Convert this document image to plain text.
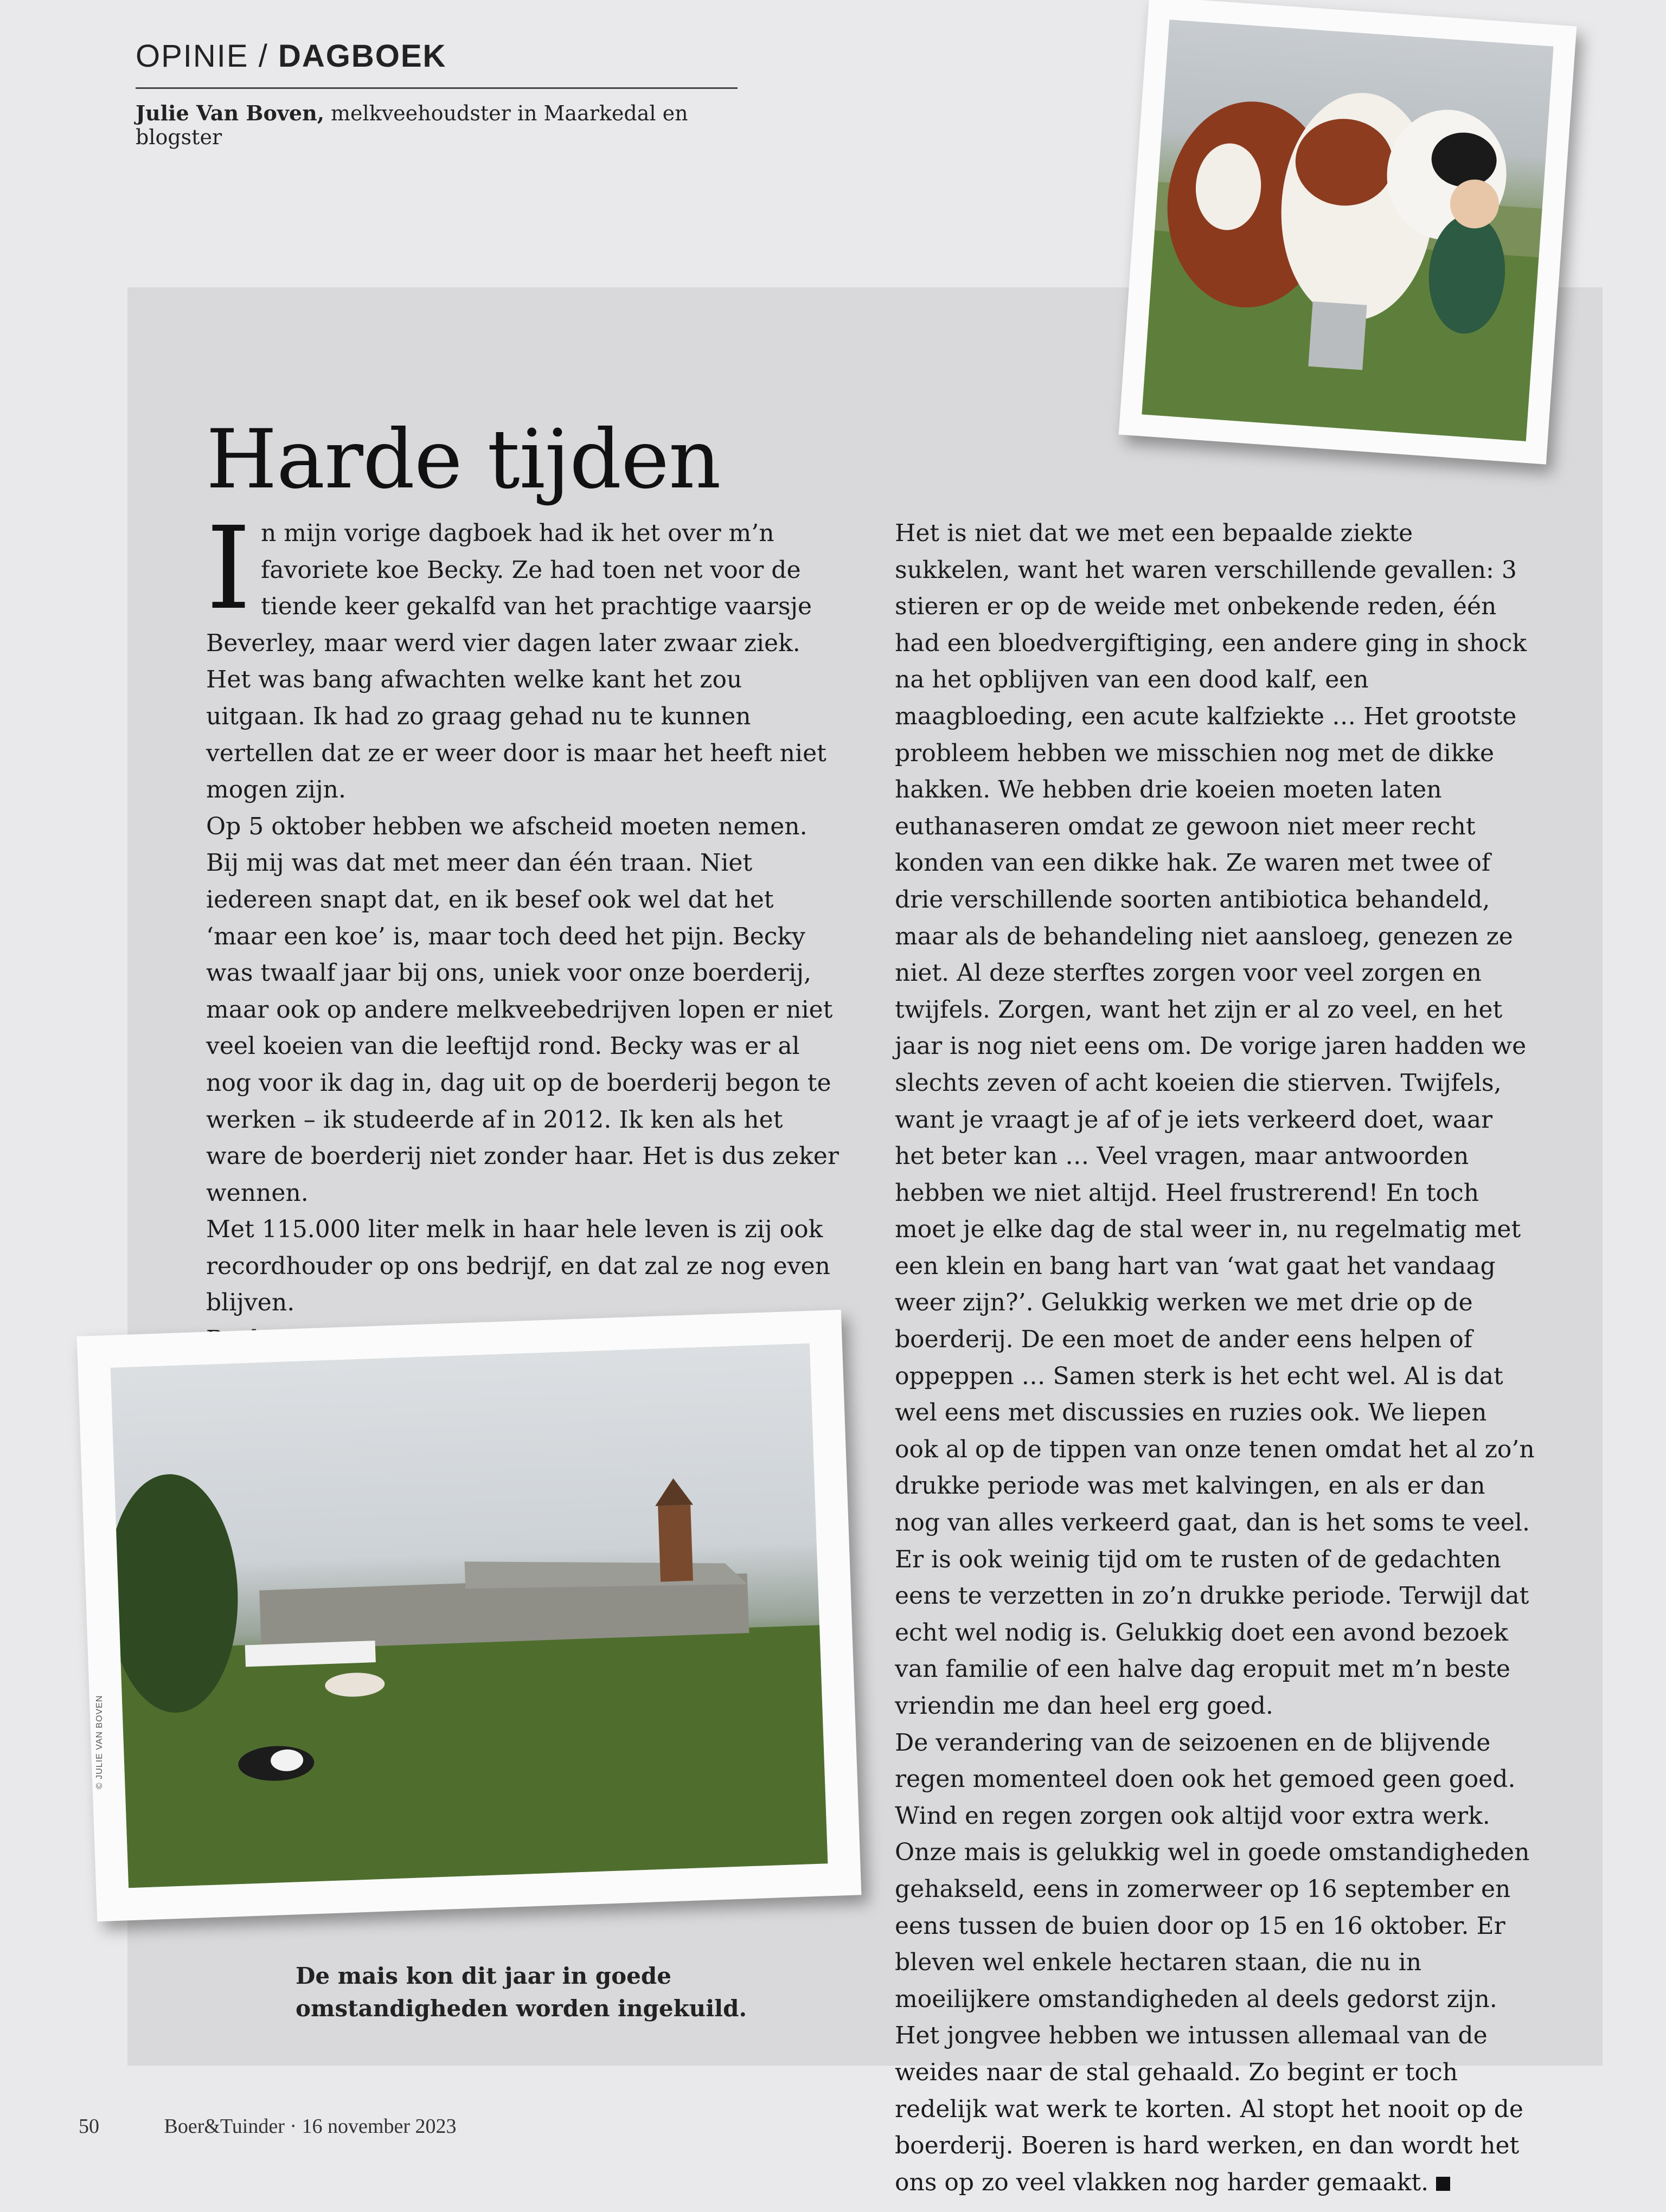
OPINIE / DAGBOEK
Julie Van Boven, melkveehoudster in Maarkedal en blogster
Harde tijden

In mijn vorige dagboek had ik het over m’n favoriete koe Becky. Ze had toen net voor de tiende keer gekalfd van het prachtige vaarsje Beverley, maar werd vier dagen later zwaar ziek. Het was bang afwachten welke kant het zou uitgaan. Ik had zo graag gehad nu te kunnen vertellen dat ze er weer door is maar het heeft niet mogen zijn.

Op 5 oktober hebben we afscheid moeten nemen. Bij mij was dat met meer dan één traan. Niet iedereen snapt dat, en ik besef ook wel dat het ‘maar een koe’ is, maar toch deed het pijn. Becky was twaalf jaar bij ons, uniek voor onze boerderij, maar ook op andere melkveebedrijven lopen er niet veel koeien van die leeftijd rond. Becky was er al nog voor ik dag in, dag uit op de boerderij begon te werken – ik studeerde af in 2012. Ik ken als het ware de boerderij niet zonder haar. Het is dus zeker wennen.

Met 115.000 liter melk in haar hele leven is zij ook recordhouder op ons bedrijf, en dat zal ze nog even blijven.

Het is niet dat we met een bepaalde ziekte sukkelen, want het waren verschillende gevallen: 3 stieren er op de weide met onbekende reden, één had een bloedvergiftiging, een andere ging in shock na het opblijven van een dood kalf, een maagbloeding, een acute kalfziekte … Het grootste probleem hebben we misschien nog met de dikke hakken. We hebben drie koeien moeten laten euthanaseren omdat ze gewoon niet meer recht konden van een dikke hak. Ze waren met twee of drie verschillende soorten antibiotica behandeld, maar als de behandeling niet aansloeg, genezen ze niet. Al deze sterftes zorgen voor veel zorgen en twijfels. Zorgen, want het zijn er al zo veel, en het jaar is nog niet eens om. De vorige jaren hadden we slechts zeven of acht koeien die stierven. Twijfels, want je vraagt je af of je iets verkeerd doet, waar het beter kan … Veel vragen, maar antwoorden hebben we niet altijd. Heel frustrerend! En toch moet je elke dag de stal weer in, nu regelmatig met een klein en bang hart van ‘wat gaat het vandaag weer zijn?’. Gelukkig werken we met drie op de boerderij. De een moet de ander eens helpen of oppeppen … Samen sterk is het echt wel. Al is dat wel eens met discussies en ruzies ook. We liepen ook al op de tippen van onze tenen omdat het al zo’n drukke periode was met kalvingen, en als er dan nog van alles verkeerd gaat, dan is het soms te veel. Er is ook weinig tijd om te rusten of de gedachten eens te verzetten in zo’n drukke periode. Terwijl dat echt wel nodig is. Gelukkig doet een avond bezoek van familie of een halve dag eropuit met m’n beste vriendin me dan heel erg goed.

De verandering van de seizoenen en de blijvende regen momenteel doen ook het gemoed geen goed. Wind en regen zorgen ook altijd voor extra werk. Onze mais is gelukkig wel in goede omstandigheden gehakseld, eens in zomerweer op 16 september en eens tussen de buien door op 15 en 16 oktober. Er bleven wel enkele hectaren staan, die nu in moeilijkere omstandigheden al deels gedorst zijn. Het jongvee hebben we intussen allemaal van de weides naar de stal gehaald. Zo begint er toch redelijk wat werk te korten. Al stopt het nooit op de boerderij. Boeren is hard werken, en dan wordt het ons op zo veel vlakken nog harder gemaakt.

© JULIE VAN BOVEN
De mais kon dit jaar in goede omstandigheden worden ingekuild.
50	Boer&Tuinder · 16 november 2023
